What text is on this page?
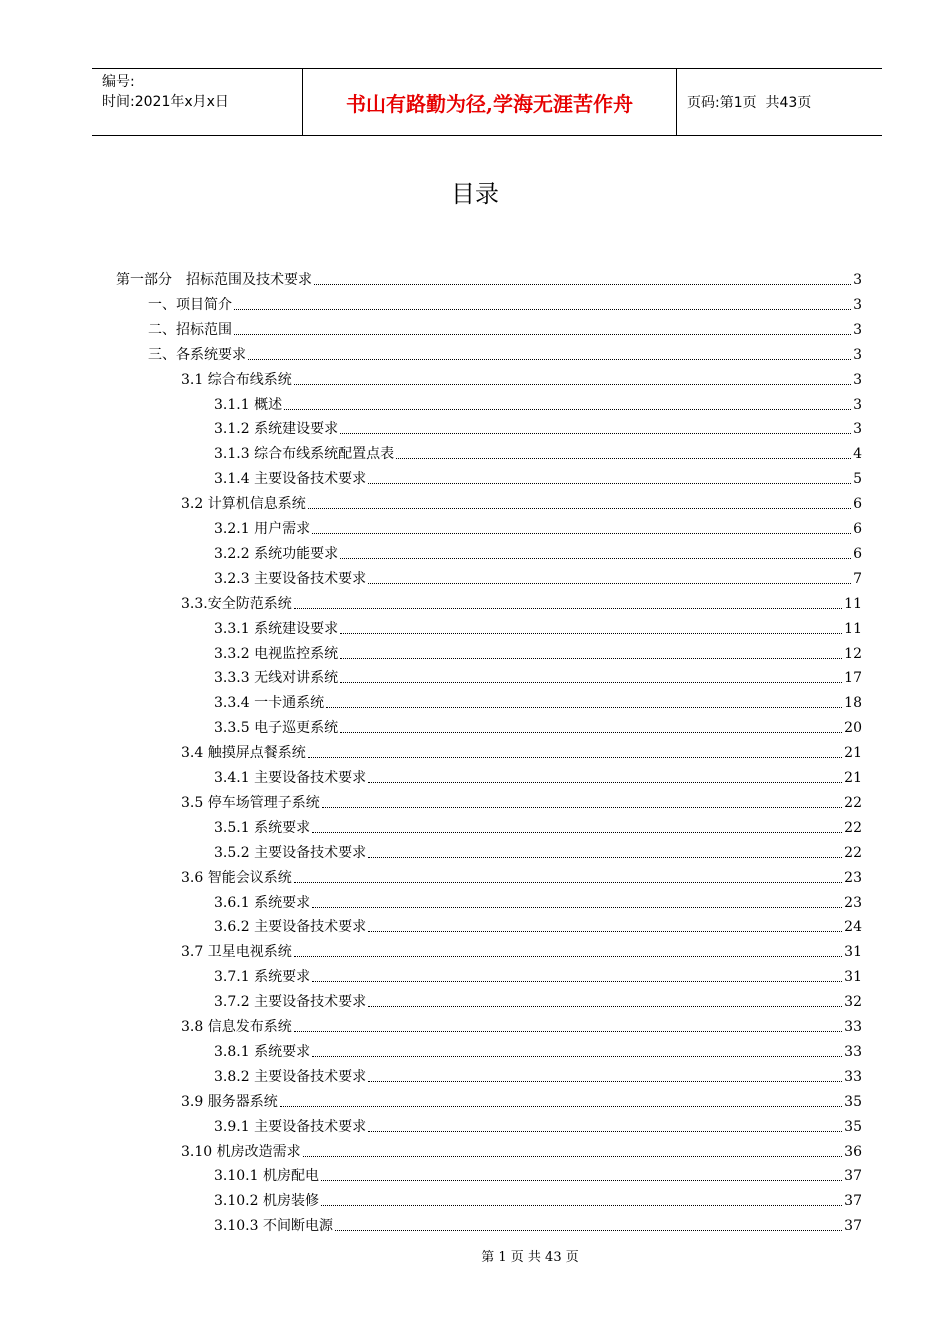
编号:
时间:2021年x月x日	书山有路勤为径,学海无涯苦作舟	页码:第1页  共43页
目录
第一部分　招标范围及技术要求	3
一、项目简介	3
二、招标范围	3
三、各系统要求	3
3.1 综合布线系统	3
3.1.1 概述	3
3.1.2 系统建设要求	3
3.1.3 综合布线系统配置点表	4
3.1.4 主要设备技术要求	5
3.2 计算机信息系统	6
3.2.1 用户需求	6
3.2.2 系统功能要求	6
3.2.3 主要设备技术要求	7
3.3.安全防范系统	11
3.3.1 系统建设要求	11
3.3.2 电视监控系统	12
3.3.3 无线对讲系统	17
3.3.4 一卡通系统	18
3.3.5 电子巡更系统	20
3.4 触摸屏点餐系统	21
3.4.1 主要设备技术要求	21
3.5 停车场管理子系统	22
3.5.1 系统要求	22
3.5.2 主要设备技术要求	22
3.6 智能会议系统	23
3.6.1 系统要求	23
3.6.2 主要设备技术要求	24
3.7 卫星电视系统	31
3.7.1 系统要求	31
3.7.2 主要设备技术要求	32
3.8 信息发布系统	33
3.8.1 系统要求	33
3.8.2 主要设备技术要求	33
3.9 服务器系统	35
3.9.1 主要设备技术要求	35
3.10 机房改造需求	36
3.10.1 机房配电	37
3.10.2 机房装修	37
3.10.3 不间断电源	37
第 1 页 共 43 页
